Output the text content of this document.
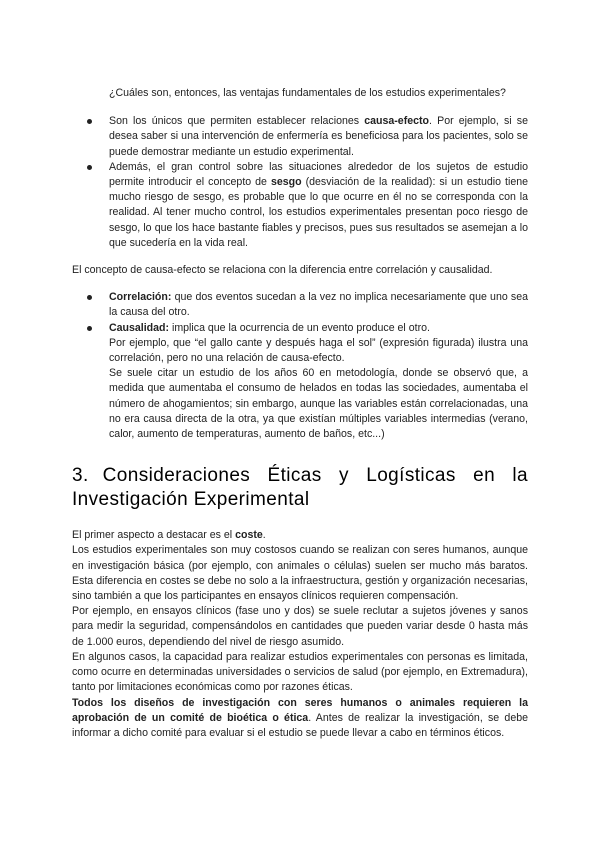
¿Cuáles son, entonces, las ventajas fundamentales de los estudios experimentales?

Son los únicos que permiten establecer relaciones causa-efecto. Por ejemplo, si se desea saber si una intervención de enfermería es beneficiosa para los pacientes, solo se puede demostrar mediante un estudio experimental.
Además, el gran control sobre las situaciones alrededor de los sujetos de estudio permite introducir el concepto de sesgo (desviación de la realidad): si un estudio tiene mucho riesgo de sesgo, es probable que lo que ocurre en él no se corresponda con la realidad. Al tener mucho control, los estudios experimentales presentan poco riesgo de sesgo, lo que los hace bastante fiables y precisos, pues sus resultados se asemejan a lo que sucedería en la vida real.

El concepto de causa-efecto se relaciona con la diferencia entre correlación y causalidad.

Correlación: que dos eventos sucedan a la vez no implica necesariamente que uno sea la causa del otro.
Causalidad: implica que la ocurrencia de un evento produce el otro.
Por ejemplo, que “el gallo cante y después haga el sol” (expresión figurada) ilustra una correlación, pero no una relación de causa-efecto.
Se suele citar un estudio de los años 60 en metodología, donde se observó que, a medida que aumentaba el consumo de helados en todas las sociedades, aumentaba el número de ahogamientos; sin embargo, aunque las variables están correlacionadas, una no era causa directa de la otra, ya que existían múltiples variables intermedias (verano, calor, aumento de temperaturas, aumento de baños, etc...)
3. Consideraciones Éticas y Logísticas en la Investigación Experimental

El primer aspecto a destacar es el coste.

Los estudios experimentales son muy costosos cuando se realizan con seres humanos, aunque en investigación básica (por ejemplo, con animales o células) suelen ser mucho más baratos. Esta diferencia en costes se debe no solo a la infraestructura, gestión y organización necesarias, sino también a que los participantes en ensayos clínicos requieren compensación.

Por ejemplo, en ensayos clínicos (fase uno y dos) se suele reclutar a sujetos jóvenes y sanos para medir la seguridad, compensándolos en cantidades que pueden variar desde 0 hasta más de 1.000 euros, dependiendo del nivel de riesgo asumido.

En algunos casos, la capacidad para realizar estudios experimentales con personas es limitada, como ocurre en determinadas universidades o servicios de salud (por ejemplo, en Extremadura), tanto por limitaciones económicas como por razones éticas.

Todos los diseños de investigación con seres humanos o animales requieren la aprobación de un comité de bioética o ética. Antes de realizar la investigación, se debe informar a dicho comité para evaluar si el estudio se puede llevar a cabo en términos éticos.
